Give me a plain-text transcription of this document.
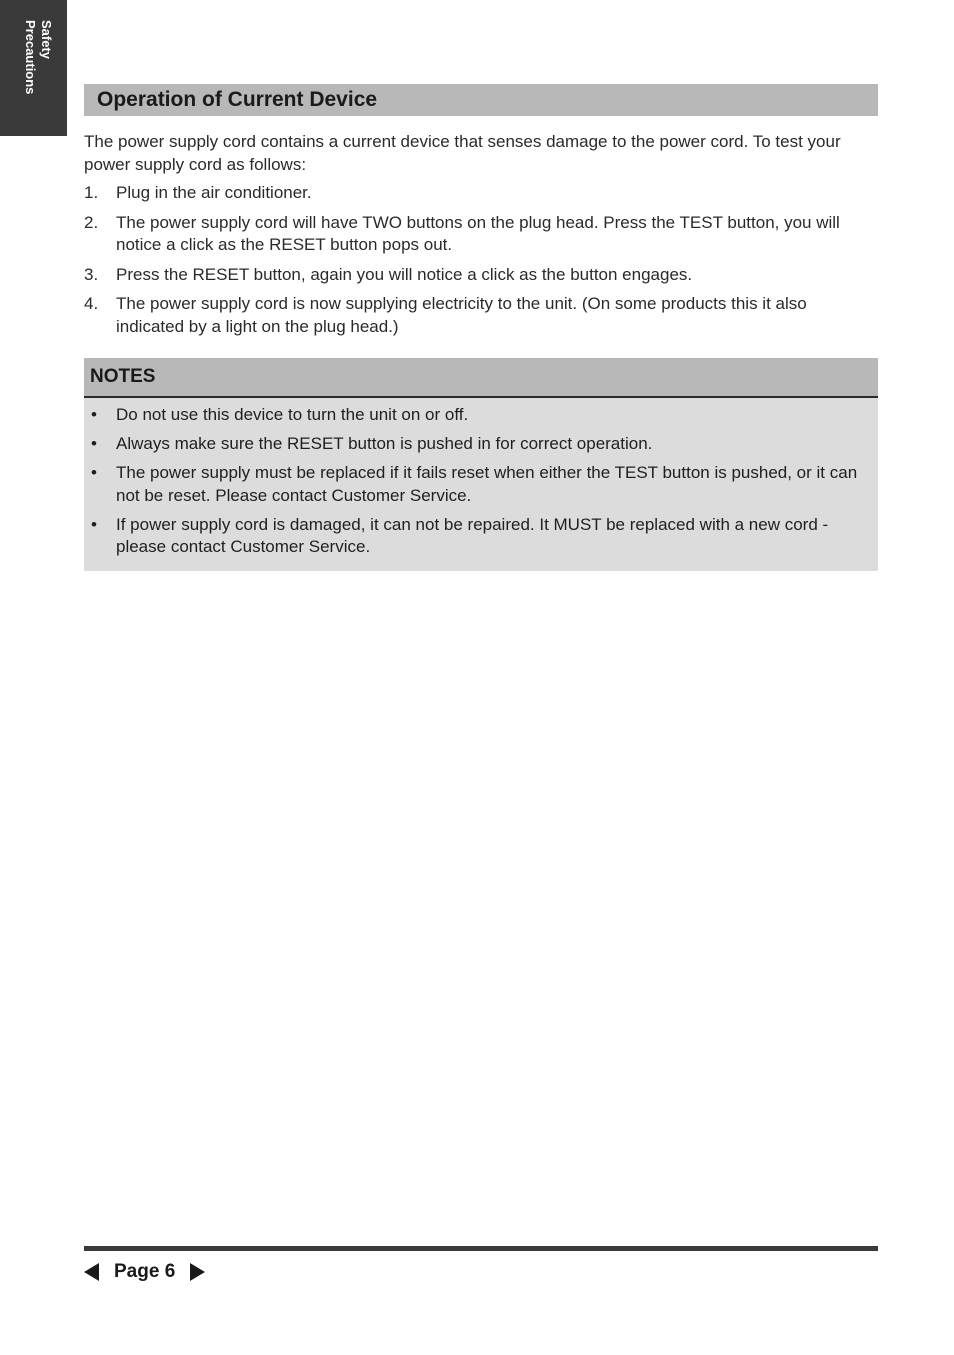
Safety
Precautions
Operation of Current Device

The power supply cord contains a current device that senses damage to the power cord. To test your power supply cord as follows:

1. Plug in the air conditioner.
2. The power supply cord will have TWO buttons on the plug head. Press the TEST button, you will notice a click as the RESET button pops out.
3. Press the RESET button, again you will notice a click as the button engages.
4. The power supply cord is now supplying electricity to the unit. (On some products this it also indicated by a light on the plug head.)
NOTES
• Do not use this device to turn the unit on or off.
• Always make sure the RESET button is pushed in for correct operation.
• The power supply must be replaced if it fails reset when either the TEST button is pushed, or it can not be reset. Please contact Customer Service.
• If power supply cord is damaged, it can not be repaired. It MUST be replaced with a new cord - please contact Customer Service.
Page 6
